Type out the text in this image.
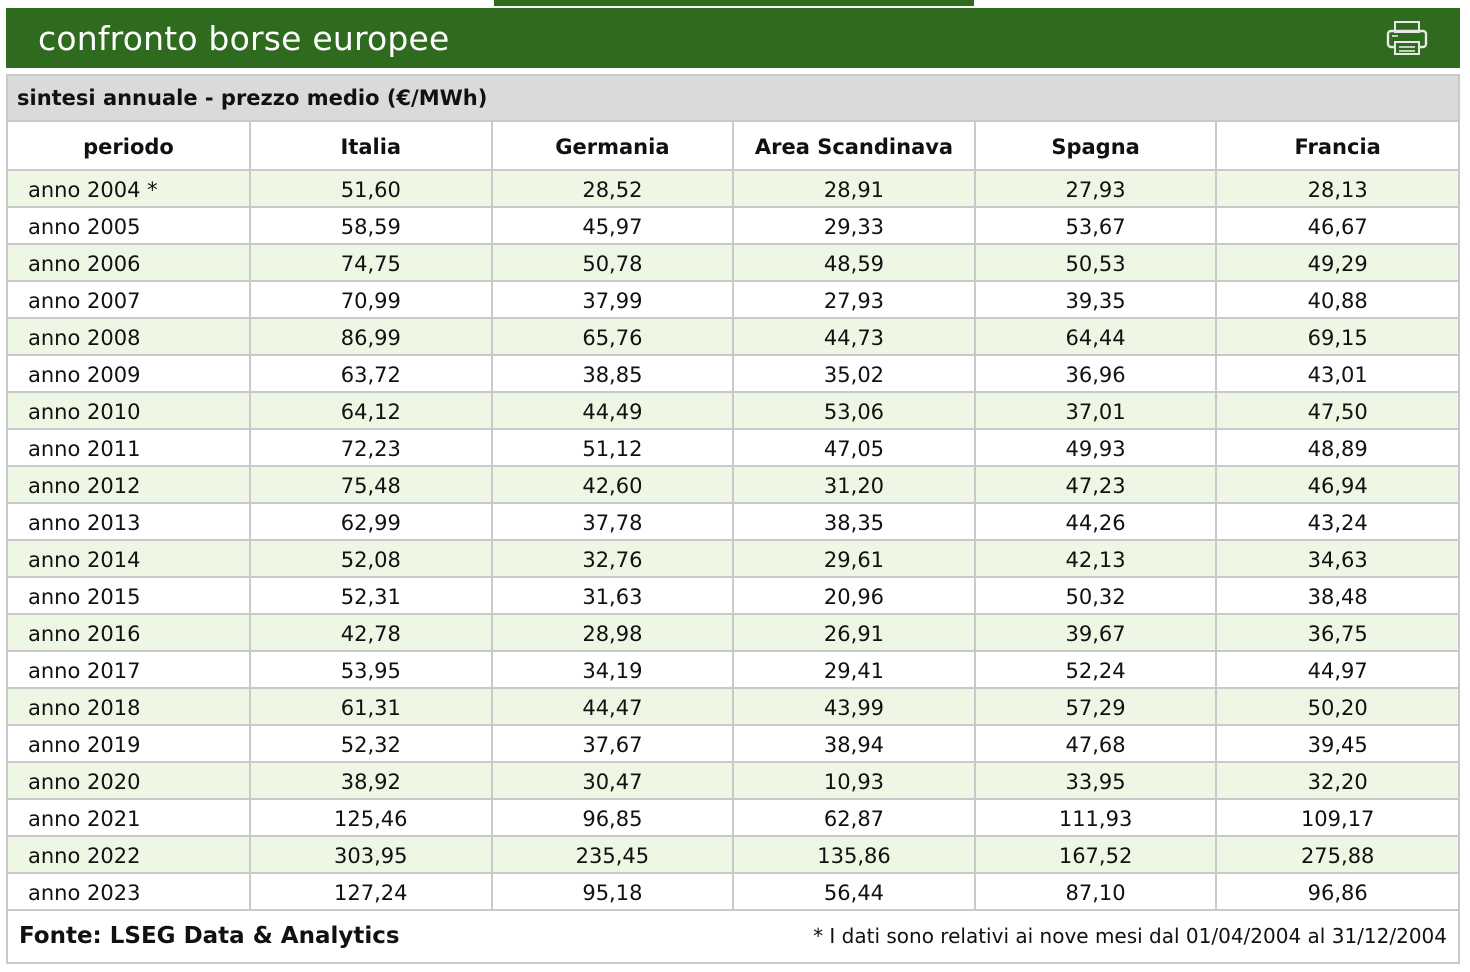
confronto borse europee
sintesi annuale - prezzo medio (€/MWh)
periodo	Italia	Germania	Area Scandinava	Spagna	Francia
anno 2004 *	51,60	28,52	28,91	27,93	28,13
anno 2005	58,59	45,97	29,33	53,67	46,67
anno 2006	74,75	50,78	48,59	50,53	49,29
anno 2007	70,99	37,99	27,93	39,35	40,88
anno 2008	86,99	65,76	44,73	64,44	69,15
anno 2009	63,72	38,85	35,02	36,96	43,01
anno 2010	64,12	44,49	53,06	37,01	47,50
anno 2011	72,23	51,12	47,05	49,93	48,89
anno 2012	75,48	42,60	31,20	47,23	46,94
anno 2013	62,99	37,78	38,35	44,26	43,24
anno 2014	52,08	32,76	29,61	42,13	34,63
anno 2015	52,31	31,63	20,96	50,32	38,48
anno 2016	42,78	28,98	26,91	39,67	36,75
anno 2017	53,95	34,19	29,41	52,24	44,97
anno 2018	61,31	44,47	43,99	57,29	50,20
anno 2019	52,32	37,67	38,94	47,68	39,45
anno 2020	38,92	30,47	10,93	33,95	32,20
anno 2021	125,46	96,85	62,87	111,93	109,17
anno 2022	303,95	235,45	135,86	167,52	275,88
anno 2023	127,24	95,18	56,44	87,10	96,86
Fonte: LSEG Data & Analytics	* I dati sono relativi ai nove mesi dal 01/04/2004 al 31/12/2004
